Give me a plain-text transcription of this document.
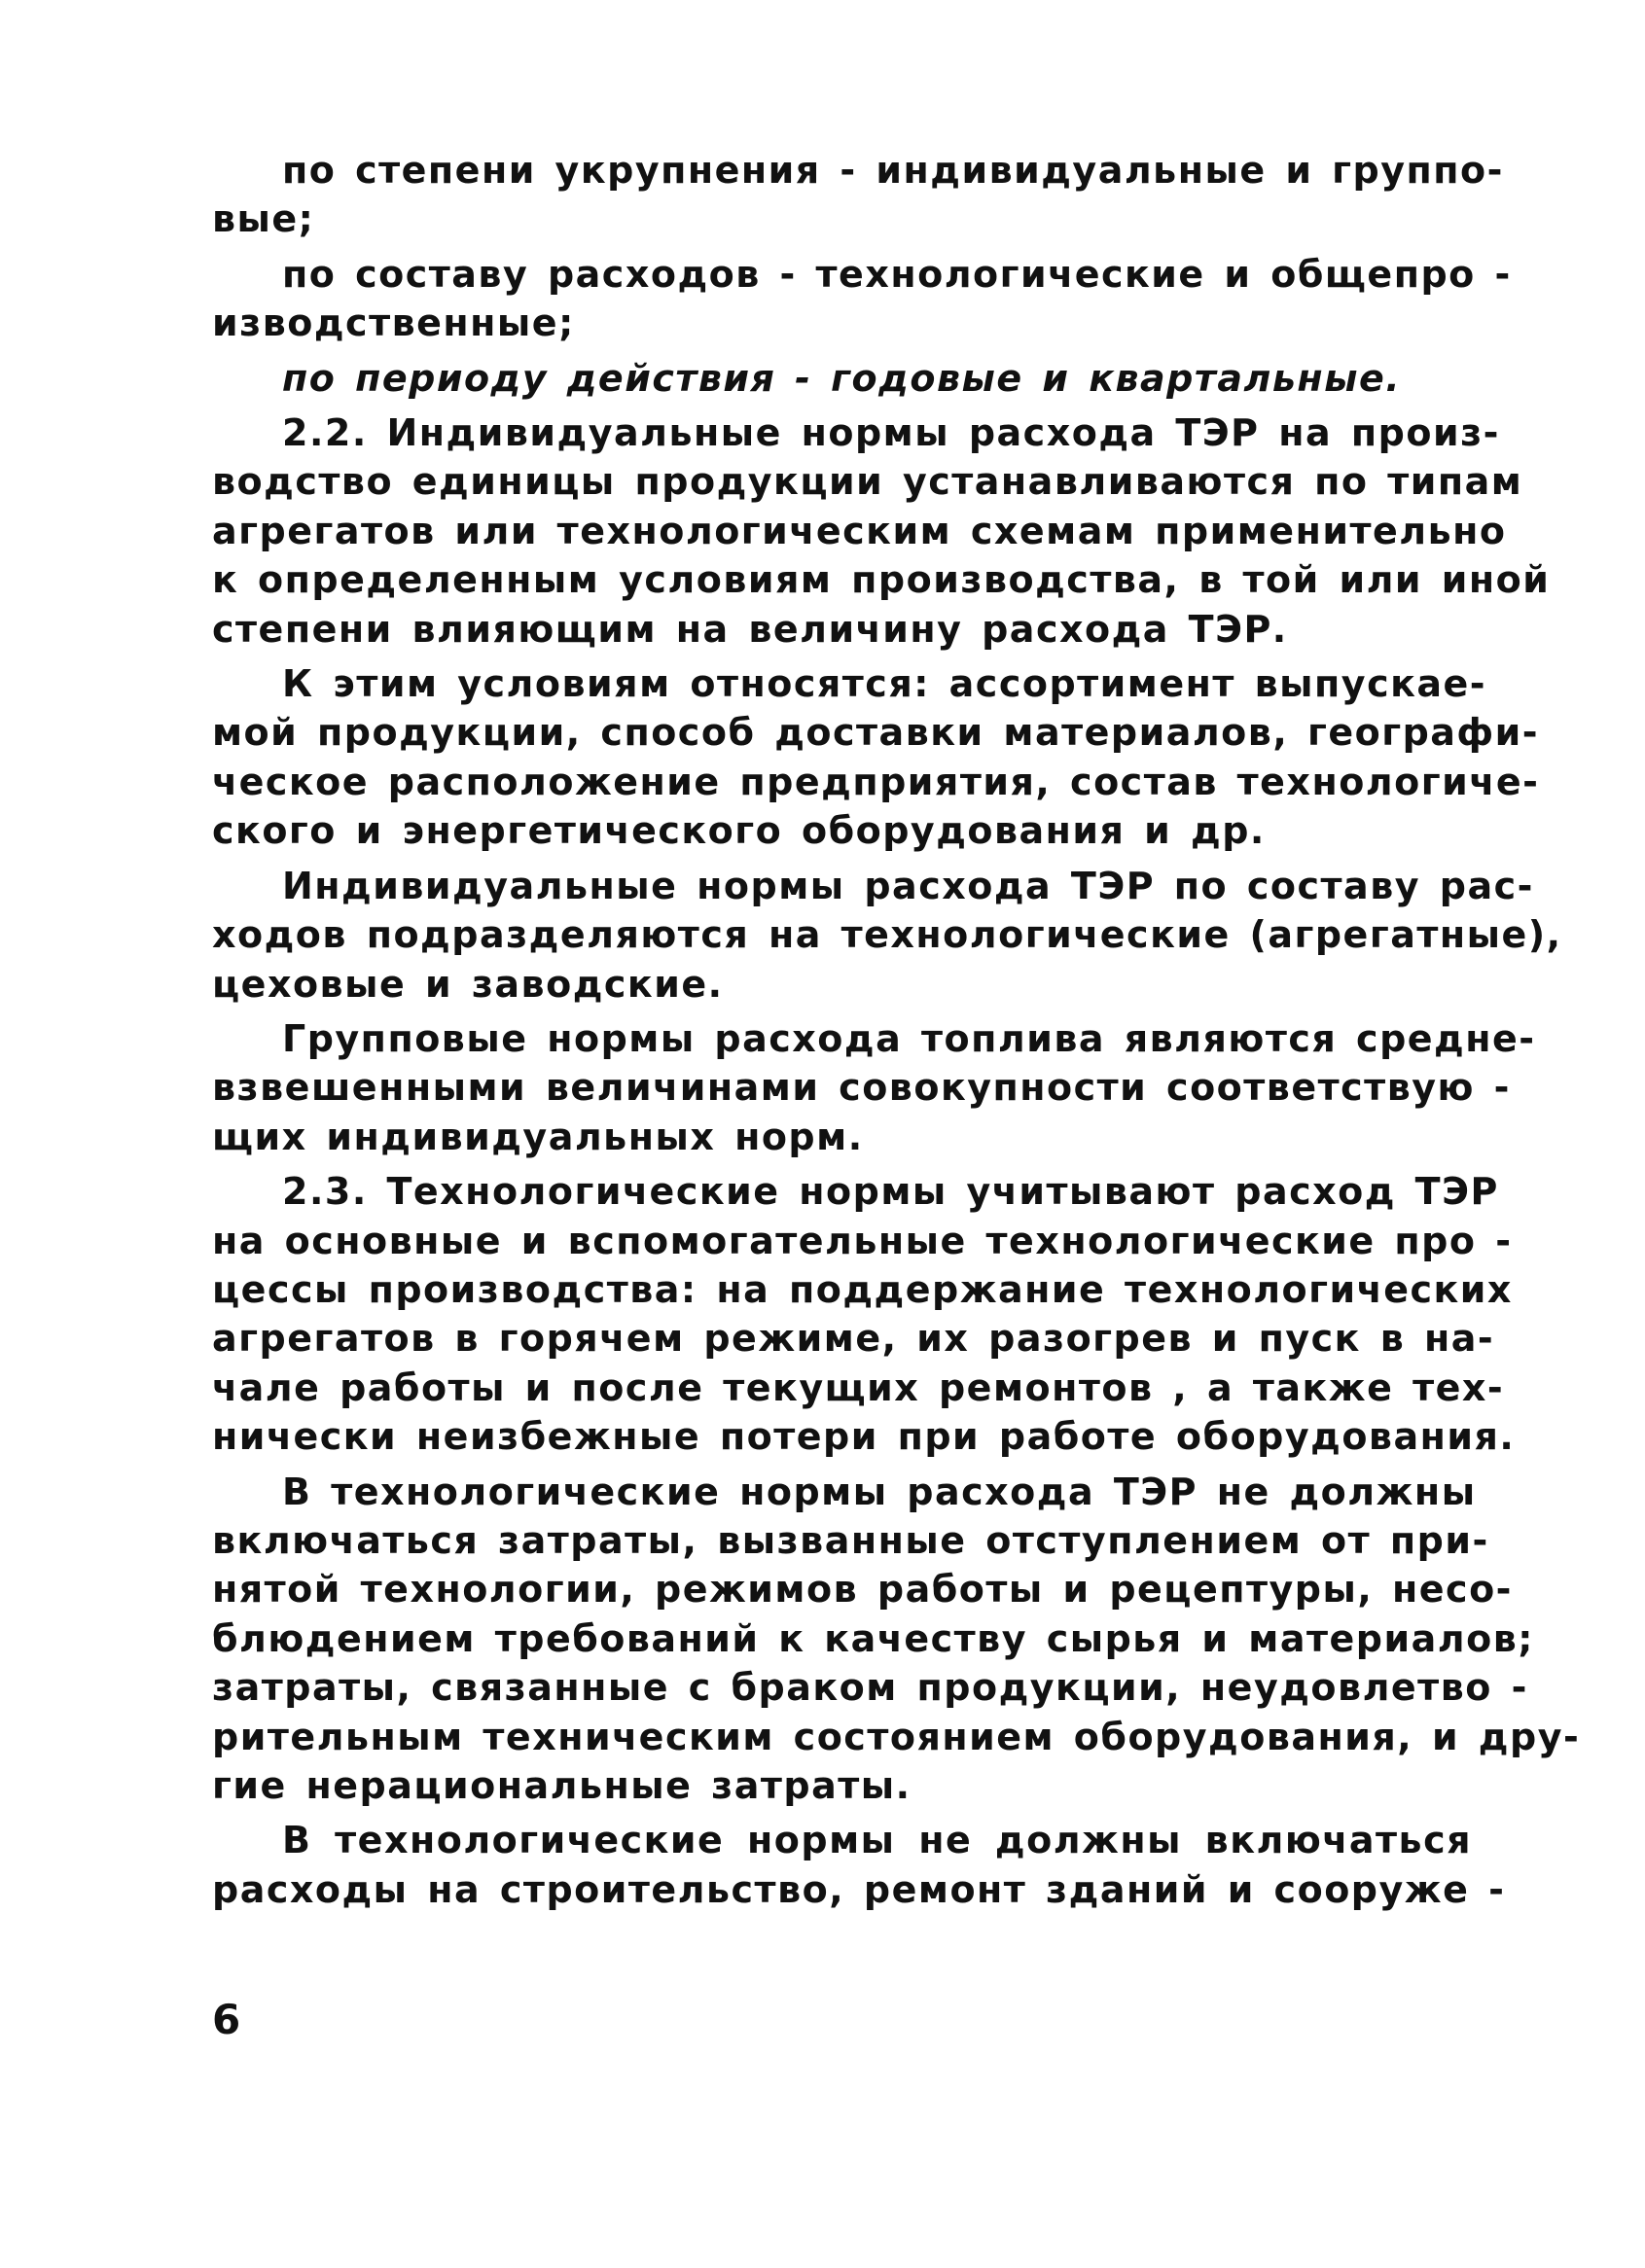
по степени укрупнения - индивидуальные и группо-
вые;
по составу расходов - технологические и общепро -
изводственные;
по периоду действия - годовые и квартальные.
2.2. Индивидуальные нормы расхода ТЭР на произ-
водство единицы продукции устанавливаются по типам
агрегатов или технологическим схемам применительно
к определенным условиям производства, в той или иной
степени влияющим на величину расхода ТЭР.
К этим условиям относятся: ассортимент выпускае-
мой продукции, способ доставки материалов, географи-
ческое расположение предприятия, состав технологиче-
ского и энергетического оборудования и др.
Индивидуальные нормы расхода ТЭР по составу рас-
ходов подразделяются на технологические (агрегатные),
цеховые и заводские.
Групповые нормы расхода топлива являются средне-
взвешенными величинами совокупности соответствую -
щих индивидуальных норм.
2.3. Технологические нормы учитывают расход ТЭР
на основные и вспомогательные технологические про -
цессы производства: на поддержание технологических
агрегатов в горячем режиме, их разогрев и пуск в на-
чале работы и после текущих ремонтов , а также тех-
нически неизбежные потери при работе оборудования.
В технологические нормы расхода ТЭР не должны
включаться затраты, вызванные отступлением от при-
нятой технологии, режимов работы и рецептуры, несо-
блюдением требований к качеству сырья и материалов;
затраты, связанные с браком продукции, неудовлетво -
рительным техническим состоянием оборудования, и дру-
гие нерациональные затраты.
В технологические нормы не должны включаться
расходы на строительство, ремонт зданий и сооруже -
6
